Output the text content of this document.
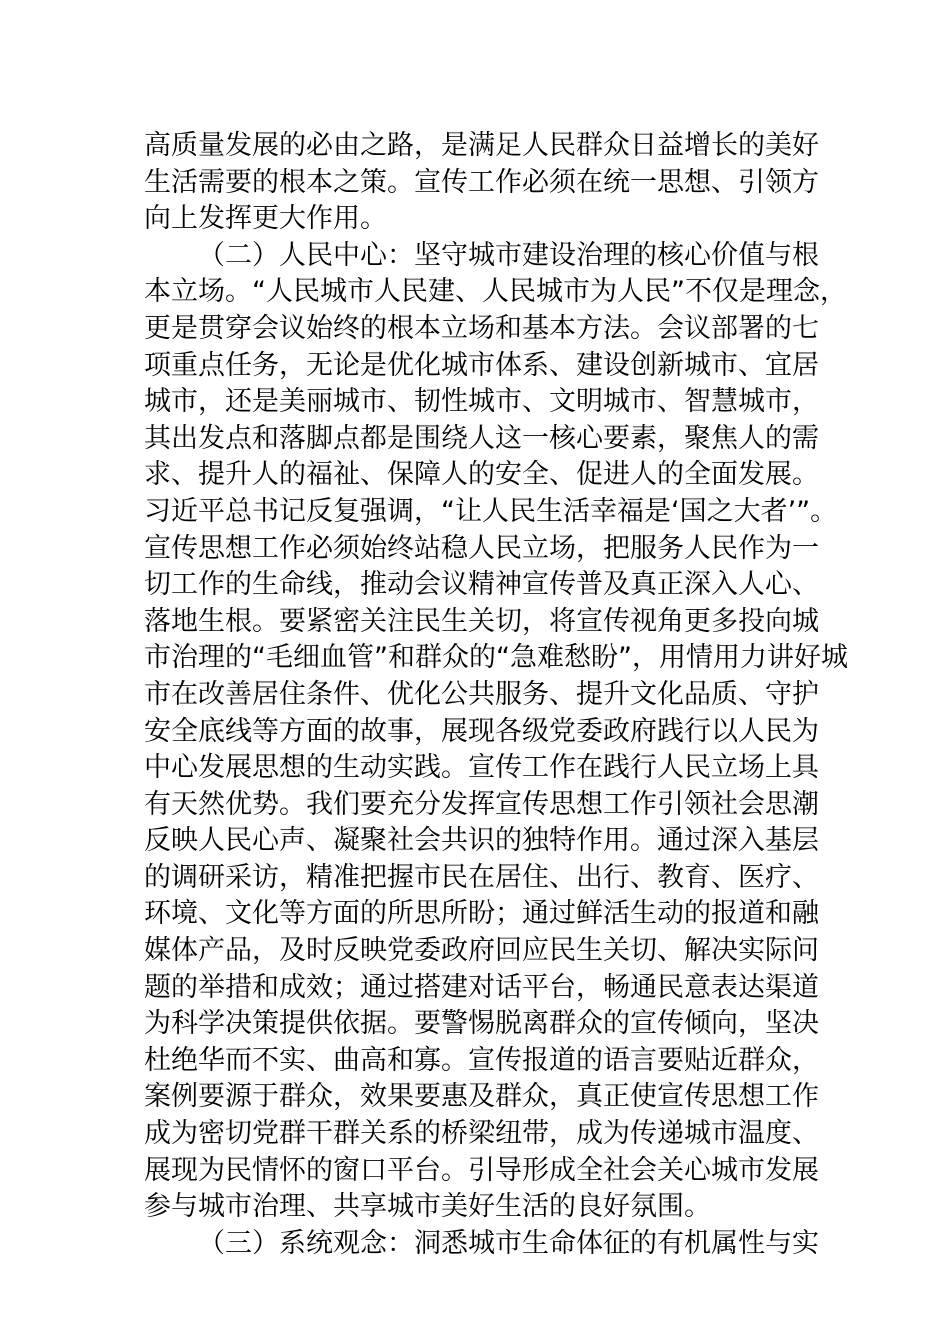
高质量发展的必由之路，是满足人民群众日益增长的美好
生活需要的根本之策。宣传工作必须在统一思想、引领方
向上发挥更大作用。
（二）人民中心：坚守城市建设治理的核心价值与根
本立场。“人民城市人民建、人民城市为人民”不仅是理念，
更是贯穿会议始终的根本立场和基本方法。会议部署的七
项重点任务，无论是优化城市体系、建设创新城市、宜居
城市，还是美丽城市、韧性城市、文明城市、智慧城市，
其出发点和落脚点都是围绕人这一核心要素，聚焦人的需
求、提升人的福祉、保障人的安全、促进人的全面发展。
习近平总书记反复强调，“让人民生活幸福是‘国之大者’”。
宣传思想工作必须始终站稳人民立场，把服务人民作为一
切工作的生命线，推动会议精神宣传普及真正深入人心、
落地生根。要紧密关注民生关切，将宣传视角更多投向城
市治理的“毛细血管”和群众的“急难愁盼”，用情用力讲好城
市在改善居住条件、优化公共服务、提升文化品质、守护
安全底线等方面的故事，展现各级党委政府践行以人民为
中心发展思想的生动实践。宣传工作在践行人民立场上具
有天然优势。我们要充分发挥宣传思想工作引领社会思潮
反映人民心声、凝聚社会共识的独特作用。通过深入基层
的调研采访，精准把握市民在居住、出行、教育、医疗、
环境、文化等方面的所思所盼；通过鲜活生动的报道和融
媒体产品，及时反映党委政府回应民生关切、解决实际问
题的举措和成效；通过搭建对话平台，畅通民意表达渠道
为科学决策提供依据。要警惕脱离群众的宣传倾向，坚决
杜绝华而不实、曲高和寡。宣传报道的语言要贴近群众，
案例要源于群众，效果要惠及群众，真正使宣传思想工作
成为密切党群干群关系的桥梁纽带，成为传递城市温度、
展现为民情怀的窗口平台。引导形成全社会关心城市发展
参与城市治理、共享城市美好生活的良好氛围。
（三）系统观念：洞悉城市生命体征的有机属性与实
